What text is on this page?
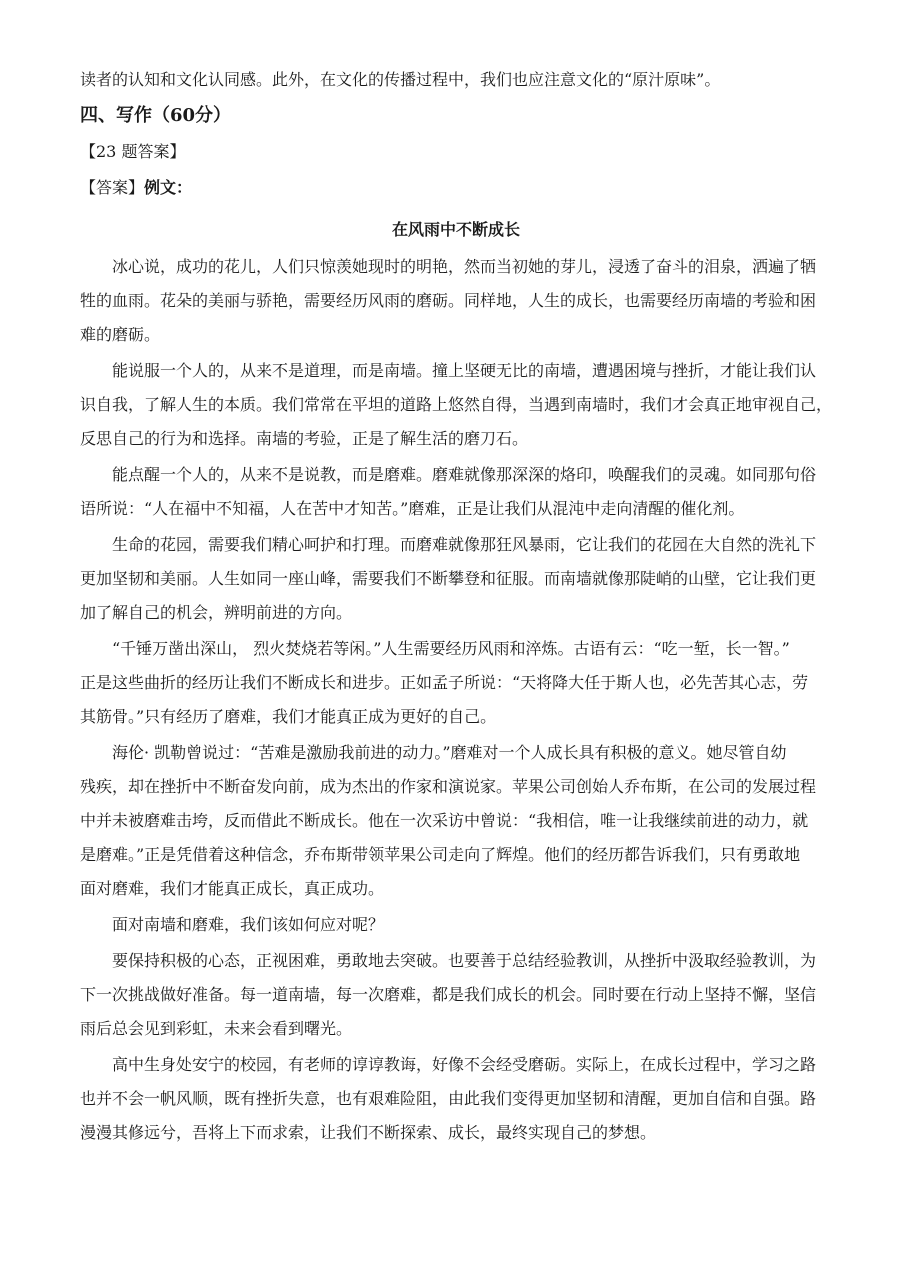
读者的认知和文化认同感。此外，在文化的传播过程中，我们也应注意文化的“原汁原味”。

四、写作（60分）

【23 题答案】

【答案】例文：

在风雨中不断成长

冰心说，成功的花儿，人们只惊羡她现时的明艳，然而当初她的芽儿，浸透了奋斗的泪泉，洒遍了牺

牲的血雨。花朵的美丽与骄艳，需要经历风雨的磨砺。同样地，人生的成长，也需要经历南墙的考验和困

难的磨砺。

能说服一个人的，从来不是道理，而是南墙。撞上坚硬无比的南墙，遭遇困境与挫折，才能让我们认

识自我，了解人生的本质。我们常常在平坦的道路上悠然自得，当遇到南墙时，我们才会真正地审视自己，

反思自己的行为和选择。南墙的考验，正是了解生活的磨刀石。

能点醒一个人的，从来不是说教，而是磨难。磨难就像那深深的烙印，唤醒我们的灵魂。如同那句俗

语所说：“人在福中不知福，人在苦中才知苦。”磨难，正是让我们从混沌中走向清醒的催化剂。

生命的花园，需要我们精心呵护和打理。而磨难就像那狂风暴雨，它让我们的花园在大自然的洗礼下

更加坚韧和美丽。人生如同一座山峰，需要我们不断攀登和征服。而南墙就像那陡峭的山壁，它让我们更

加了解自己的机会，辨明前进的方向。

“千锤万凿出深山， 烈火焚烧若等闲。”人生需要经历风雨和淬炼。古语有云：“吃一堑，长一智。”

正是这些曲折的经历让我们不断成长和进步。正如孟子所说：“天将降大任于斯人也，必先苦其心志，劳

其筋骨。”只有经历了磨难，我们才能真正成为更好的自己。

海伦· 凯勒曾说过：“苦难是激励我前进的动力。”磨难对一个人成长具有积极的意义。她尽管自幼

残疾，却在挫折中不断奋发向前，成为杰出的作家和演说家。苹果公司创始人乔布斯，在公司的发展过程

中并未被磨难击垮，反而借此不断成长。他在一次采访中曾说：“我相信，唯一让我继续前进的动力，就

是磨难。”正是凭借着这种信念，乔布斯带领苹果公司走向了辉煌。他们的经历都告诉我们，只有勇敢地

面对磨难，我们才能真正成长，真正成功。

面对南墙和磨难，我们该如何应对呢？

要保持积极的心态，正视困难，勇敢地去突破。也要善于总结经验教训，从挫折中汲取经验教训，为

下一次挑战做好准备。每一道南墙，每一次磨难，都是我们成长的机会。同时要在行动上坚持不懈，坚信

雨后总会见到彩虹，未来会看到曙光。

高中生身处安宁的校园，有老师的谆谆教诲，好像不会经受磨砺。实际上，在成长过程中，学习之路

也并不会一帆风顺，既有挫折失意，也有艰难险阻，由此我们变得更加坚韧和清醒，更加自信和自强。路

漫漫其修远兮，吾将上下而求索，让我们不断探索、成长，最终实现自己的梦想。
